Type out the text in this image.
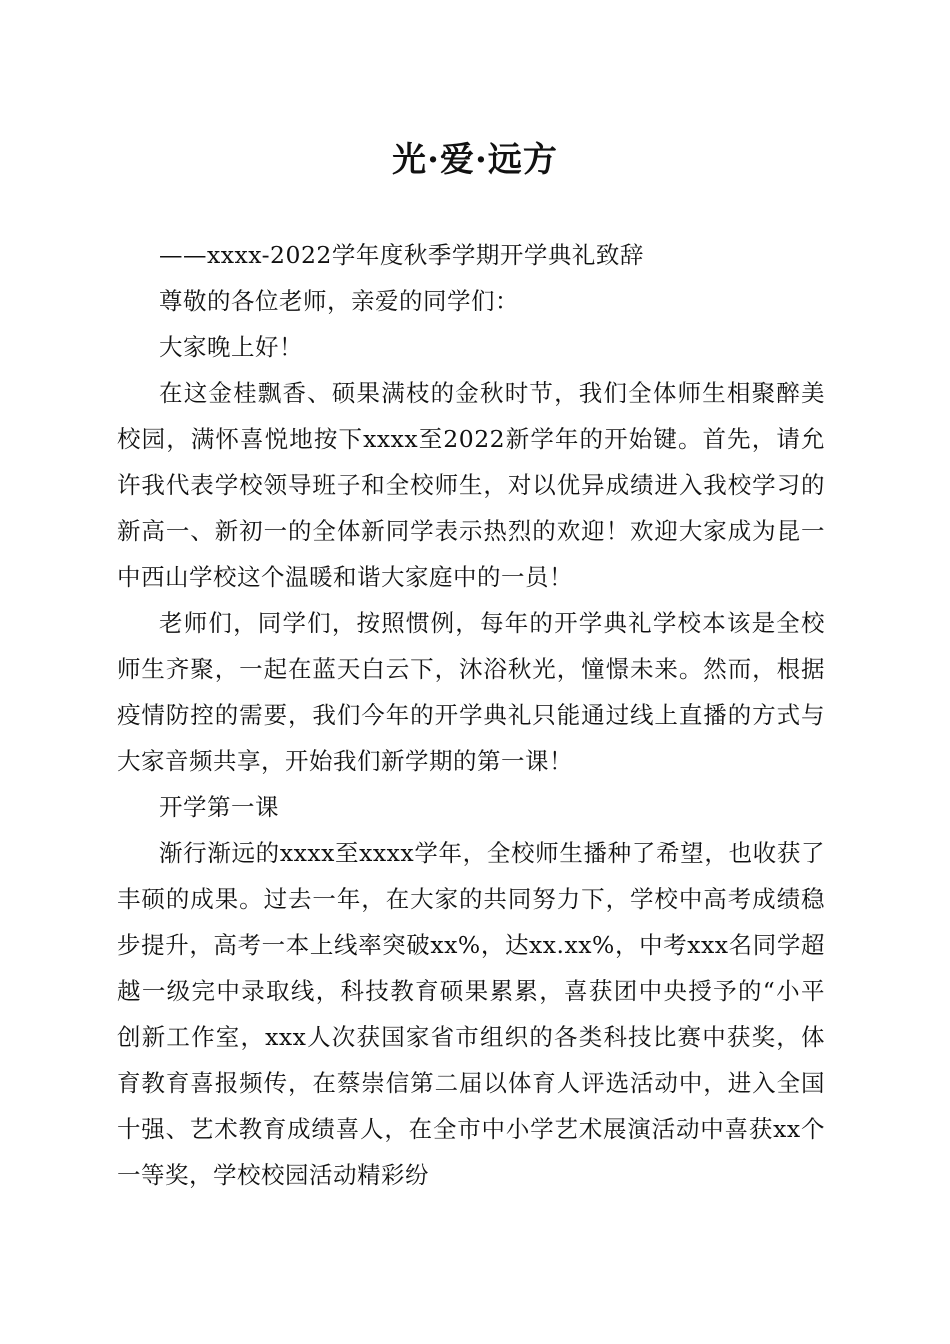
光·爱·远方

——xxxx-2022学年度秋季学期开学典礼致辞

尊敬的各位老师，亲爱的同学们：

大家晚上好！

在这金桂飘香、硕果满枝的金秋时节，我们全体师生相聚醉美校园，满怀喜悦地按下xxxx至2022新学年的开始键。首先，请允许我代表学校领导班子和全校师生，对以优异成绩进入我校学习的新高一、新初一的全体新同学表示热烈的欢迎！欢迎大家成为昆一中西山学校这个温暖和谐大家庭中的一员！

老师们，同学们，按照惯例，每年的开学典礼学校本该是全校师生齐聚，一起在蓝天白云下，沐浴秋光，憧憬未来。然而，根据疫情防控的需要，我们今年的开学典礼只能通过线上直播的方式与大家音频共享，开始我们新学期的第一课！

开学第一课

渐行渐远的xxxx至xxxx学年，全校师生播种了希望，也收获了丰硕的成果。过去一年，在大家的共同努力下，学校中高考成绩稳步提升，高考一本上线率突破xx%，达xx.xx%，中考xxx名同学超越一级完中录取线，科技教育硕果累累，喜获团中央授予的“小平创新工作室，xxx人次获国家省市组织的各类科技比赛中获奖，体育教育喜报频传，在蔡崇信第二届以体育人评选活动中，进入全国十强、艺术教育成绩喜人，在全市中小学艺术展演活动中喜获xx个一等奖，学校校园活动精彩纷
